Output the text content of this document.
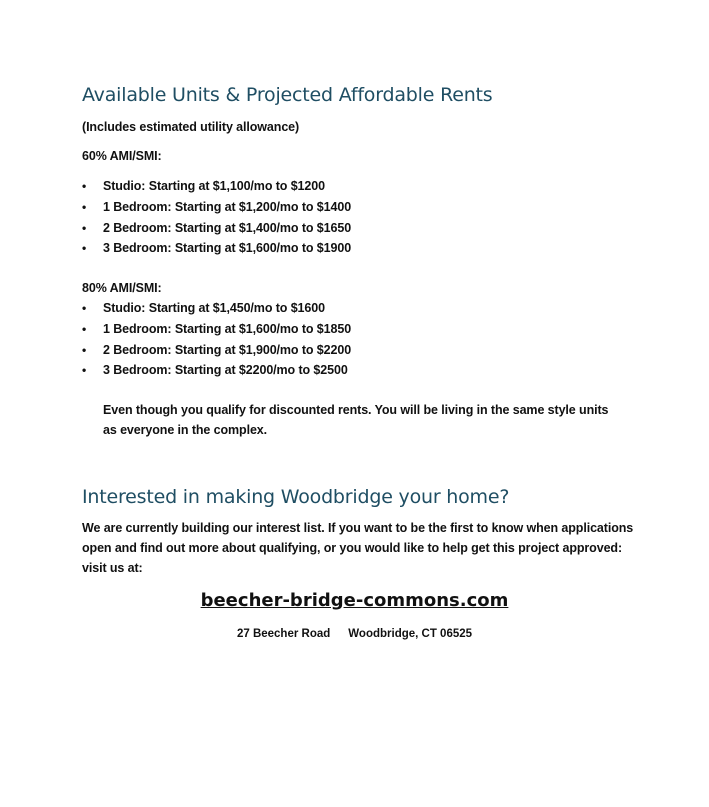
Available Units & Projected Affordable Rents
(Includes estimated utility allowance)
60% AMI/SMI:
• Studio: Starting at $1,100/mo to $1200
• 1 Bedroom: Starting at $1,200/mo to $1400
• 2 Bedroom: Starting at $1,400/mo to $1650
• 3 Bedroom: Starting at $1,600/mo to $1900
80% AMI/SMI:
• Studio: Starting at $1,450/mo to $1600
• 1 Bedroom: Starting at $1,600/mo to $1850
• 2 Bedroom: Starting at $1,900/mo to $2200
• 3 Bedroom: Starting at $2200/mo to $2500
Even though you qualify for discounted rents. You will be living in the same style units as everyone in the complex.
Interested in making Woodbridge your home?
We are currently building our interest list. If you want to be the first to know when applications open and find out more about qualifying, or you would like to help get this project approved: visit us at:
beecher-bridge-commons.com
27 Beecher Road Woodbridge, CT 06525
